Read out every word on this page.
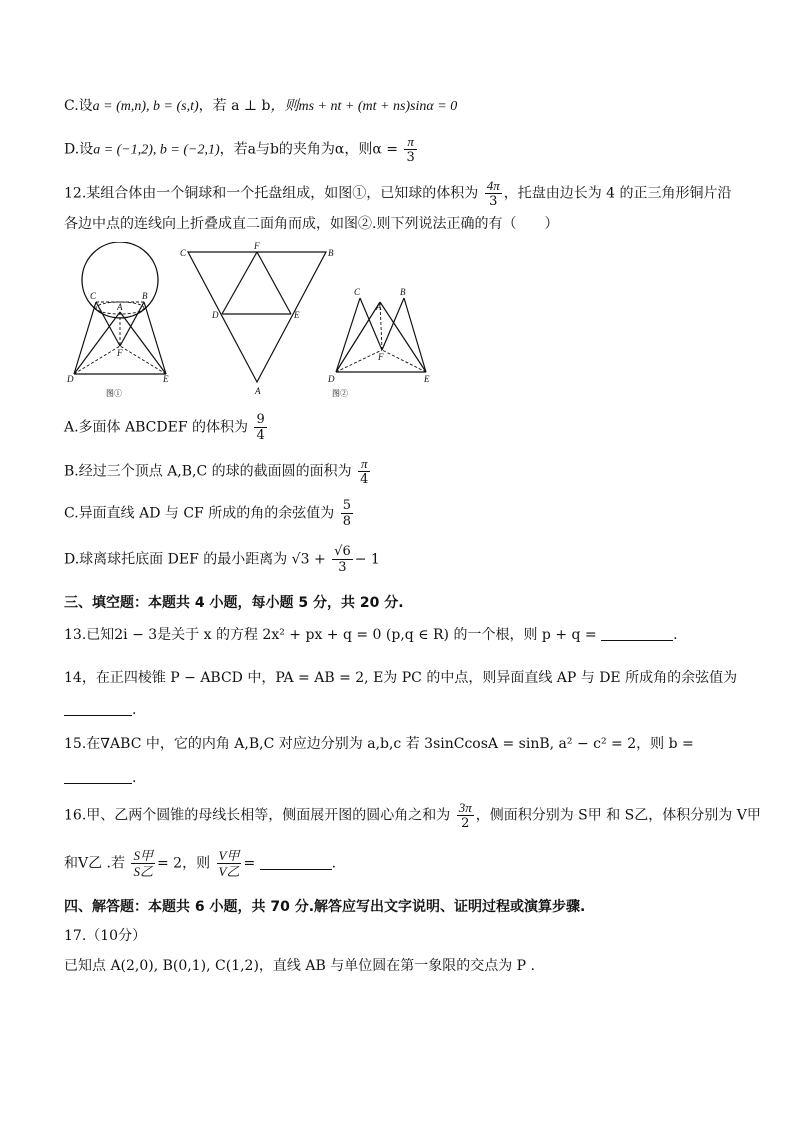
C.设a = (m,n), b = (s,t)，若 a ⊥ b，则ms + nt + (mt + ns)sinα = 0
D.设a = (−1,2), b = (−2,1)，若a与b的夹角为α，则$\alpha = \frac{\pi}{3}$
12.某组合体由一个铜球和一个托盘组成，如图①，已知球的体积为 $\frac{4\pi}{3}$ ，托盘由边长为 4 的正三角形铜片沿
各边中点的连线向上折叠成直二面角而成，如图②.则下列说法正确的有（　　）
C	B
A
F
D	E
图①
C	B
F
D	E
A
C	B
A
F
D	E
图②
A.多面体 ABCDEF 的体积为 $\frac{9}{4}$
B.经过三个顶点 A,B,C 的球的截面圆的面积为 $\frac{\pi}{4}$
C.异面直线 AD 与 CF 所成的角的余弦值为 $\frac{5}{8}$
D.球离球托底面 DEF 的最小距离为 $√3 + \frac{√6}{3} - 1$
三、填空题：本题共 4 小题，每小题 5 分，共 20 分.
13.已知2i − 3是关于 x 的方程 2x² + px + q = 0 (p,q ∈ R) 的一个根，则 p + q =	.
14，在正四棱锥 P − ABCD 中，PA = AB = 2, E为 PC 的中点，则异面直线 AP 与 DE 所成角的余弦值为
.
15.在∇ABC 中，它的内角 A,B,C 对应边分别为 a,b,c 若 3sinCcosA = sinB, a² − c² = 2，则 b =
.
16.甲、乙两个圆锥的母线长相等，侧面展开图的圆心角之和为 $\frac{3\pi}{2}$ ，侧面积分别为 S甲 和 S乙，体积分别为 V甲
和V乙 .若 $\frac{\text{S甲}}{\text{S乙}} = 2$，则 $\frac{\text{V甲}}{\text{V乙}}$ =	.
四、解答题：本题共 6 小题，共 70 分.解答应写出文字说明、证明过程或演算步骤.
17.（10分）
已知点 A(2,0), B(0,1), C(1,2)，直线 AB 与单位圆在第一象限的交点为 P .
